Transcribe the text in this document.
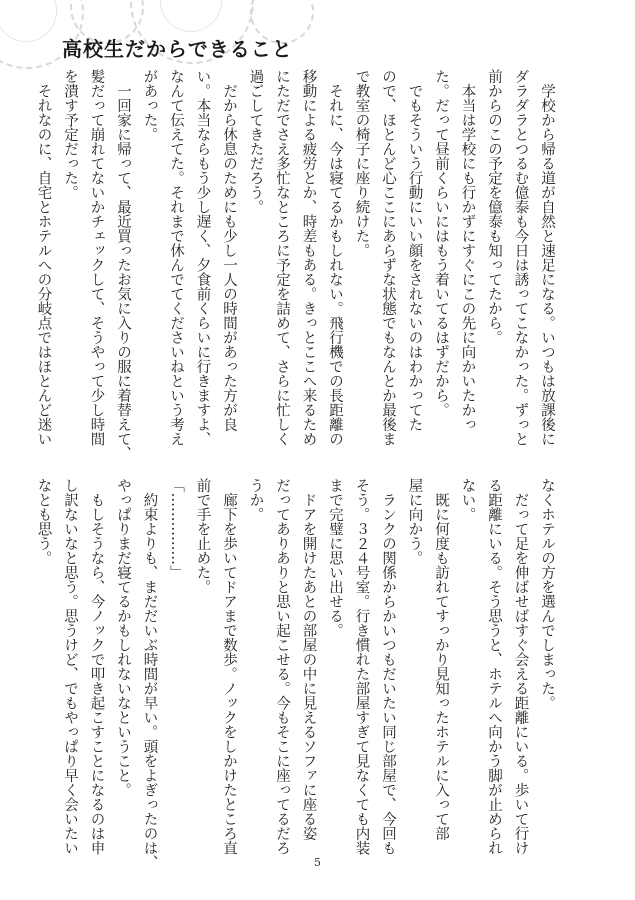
高校生だからできること
　学校から帰る道が自然と速足になる。いつもは放課後に
ダラダラとつるむ億泰も今日は誘ってこなかった。ずっと
前からのこの予定を億泰も知ってたから。
　本当は学校にも行かずにすぐにこの先に向かいたかっ
た。だって昼前くらいにはもう着いてるはずだから。
　でもそういう行動にいい顔をされないのはわかってた
ので、ほとんど心ここにあらずな状態でもなんとか最後ま
で教室の椅子に座り続けた。
　それに、今は寝てるかもしれない。飛行機での長距離の
移動による疲労とか、時差もある。きっとここへ来るため
にただでさえ多忙なところに予定を詰めて、さらに忙しく
過ごしてきただろう。
　だから休息のためにも少し一人の時間があった方が良
い。本当ならもう少し遅く、夕食前くらいに行きますよ、
なんて伝えてた。それまで休んでてくださいねという考え
があった。
　一回家に帰って、最近買ったお気に入りの服に着替えて、
髪だって崩れてないかチェックして、そうやって少し時間
を潰す予定だった。
　それなのに、自宅とホテルへの分岐点ではほとんど迷い
なくホテルの方を選んでしまった。
　だって足を伸ばせばすぐ会える距離にいる。歩いて行け
る距離にいる。そう思うと、ホテルへ向かう脚が止められ
ない。
　既に何度も訪れてすっかり見知ったホテルに入って部
屋に向かう。
　ランクの関係からかいつもだいたい同じ部屋で、今回も
そう。３２４号室。行き慣れた部屋すぎて見なくても内装
まで完璧に思い出せる。
　ドアを開けたあとの部屋の中に見えるソファに座る姿
だってありありと思い起こせる。今もそこに座ってるだろ
うか。
　廊下を歩いてドアまで数歩。ノックをしかけたところ直
前で手を止めた。
「……………」
　約束よりも、まだだいぶ時間が早い。頭をよぎったのは、
やっぱりまだ寝てるかもしれないなということ。
　もしそうなら、今ノックで叩き起こすことになるのは申
し訳ないなと思う。思うけど、でもやっぱり早く会いたい
なとも思う。
5
